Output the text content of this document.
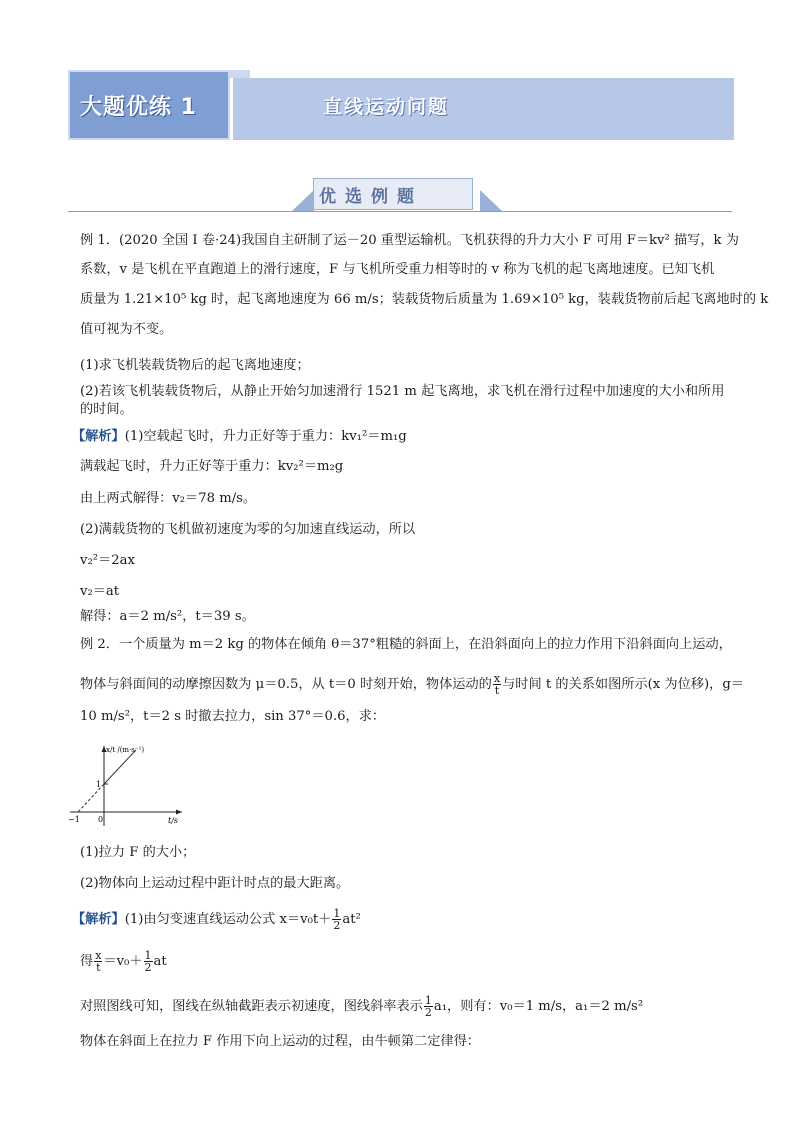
大题优练 1	直线运动问题
优选例题
例 1．(2020 全国 I 卷·24)我国自主研制了运－20 重型运输机。飞机获得的升力大小 F 可用 F＝kv² 描写，k 为
系数，v 是飞机在平直跑道上的滑行速度，F 与飞机所受重力相等时的 v 称为飞机的起飞离地速度。已知飞机
质量为 1.21×10⁵ kg 时，起飞离地速度为 66 m/s；装载货物后质量为 1.69×10⁵ kg，装载货物前后起飞离地时的 k
值可视为不变。
(1)求飞机装载货物后的起飞离地速度；
(2)若该飞机装载货物后，从静止开始匀加速滑行 1521 m 起飞离地，求飞机在滑行过程中加速度的大小和所用
的时间。
【解析】(1)空载起飞时，升力正好等于重力：kv₁²＝m₁g
满载起飞时，升力正好等于重力：kv₂²＝m₂g
由上两式解得：v₂＝78 m/s。
(2)满载货物的飞机做初速度为零的匀加速直线运动，所以
v₂²＝2ax
v₂＝at
解得：a＝2 m/s²，t＝39 s。
例 2．一个质量为 m＝2 kg 的物体在倾角 θ＝37°粗糙的斜面上，在沿斜面向上的拉力作用下沿斜面向上运动，
物体与斜面间的动摩擦因数为 μ＝0.5，从 t＝0 时刻开始，物体运动的 $\frac{x}{t}$ 与时间 t 的关系如图所示(x 为位移)，g＝
10 m/s²，t＝2 s 时撤去拉力，sin 37°＝0.6，求：
x/t /(m·s⁻¹)
1
0
−1	t/s
(1)拉力 F 的大小；
(2)物体向上运动过程中距计时点的最大距离。
【解析】(1)由匀变速直线运动公式 $x=v_0t+ \frac{1}{2} at^2$
得 $\frac{x}{t} =v_0+ \frac{1}{2}$ at
对照图线可知，图线在纵轴截距表示初速度，图线斜率表示 $\frac{1}{2} a_1$，则有：v₀＝1 m/s，a₁＝2 m/s²
物体在斜面上在拉力 F 作用下向上运动的过程，由牛顿第二定律得：
